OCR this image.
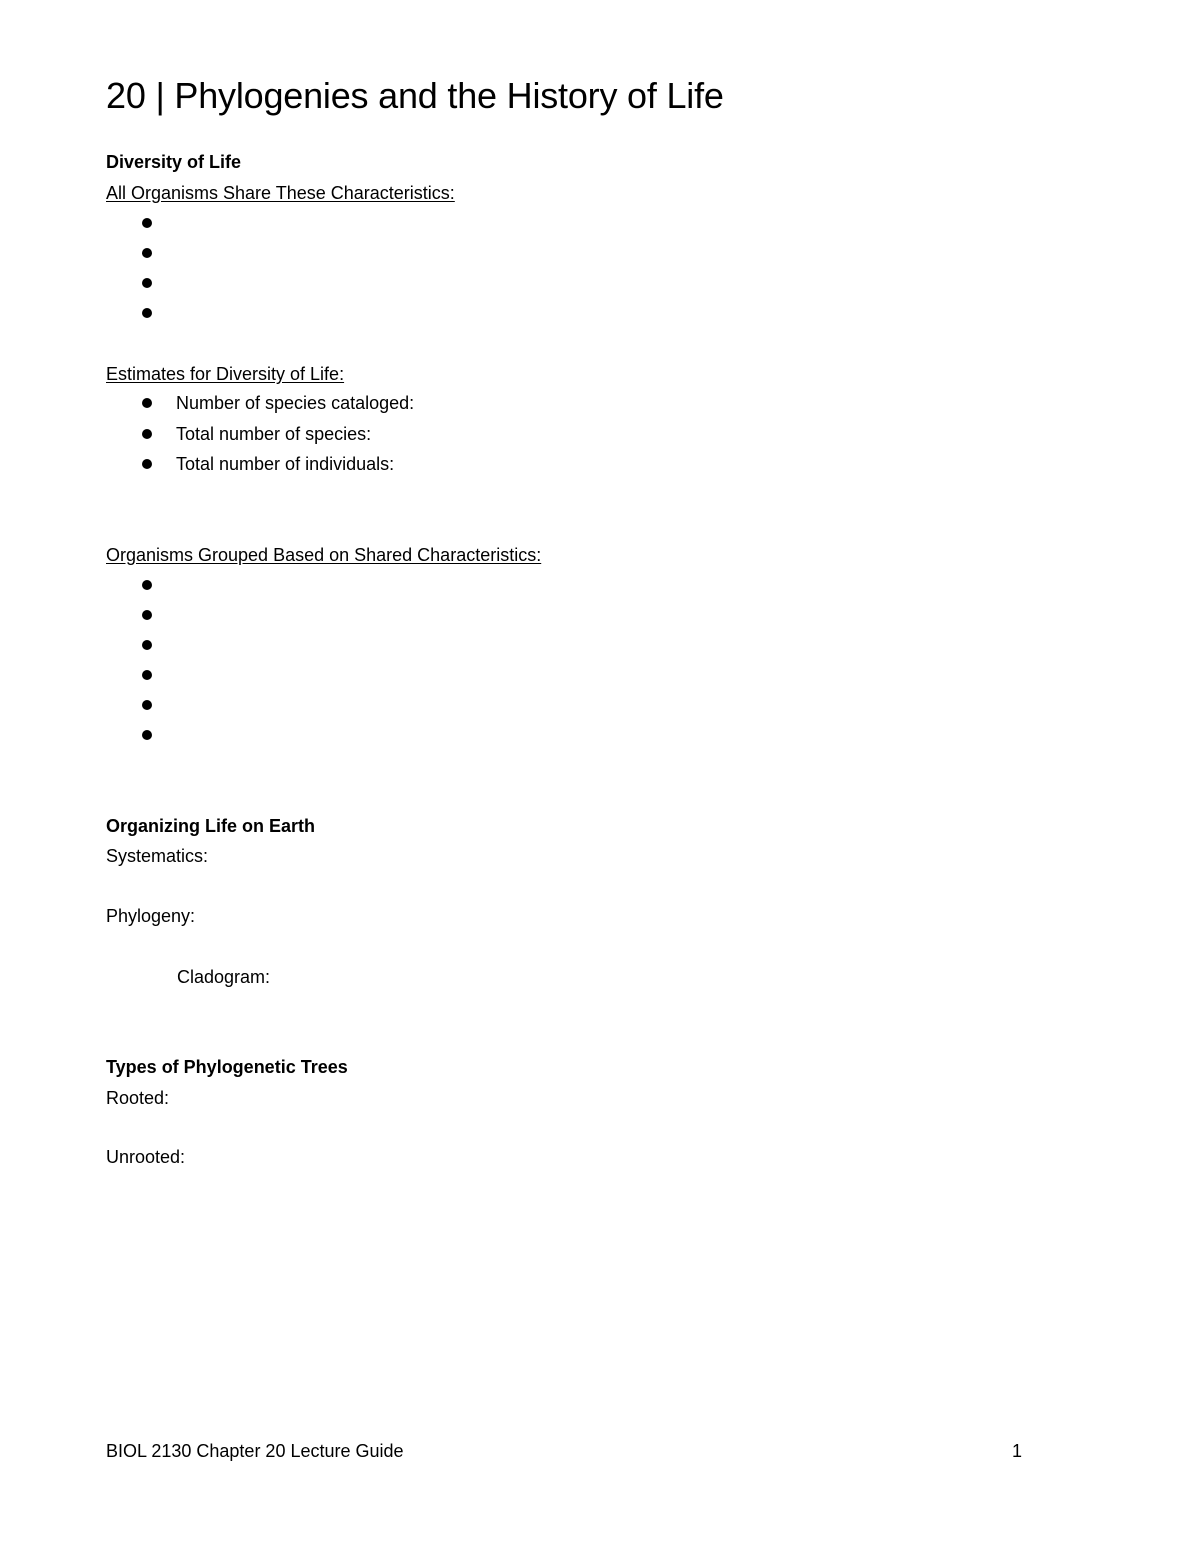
20 | Phylogenies and the History of Life
Diversity of Life
All Organisms Share These Characteristics:
Estimates for Diversity of Life:
Number of species cataloged:
Total number of species:
Total number of individuals:
Organisms Grouped Based on Shared Characteristics:
Organizing Life on Earth
Systematics:
Phylogeny:
Cladogram:
Types of Phylogenetic Trees
Rooted:
Unrooted:
BIOL 2130 Chapter 20 Lecture Guide	1
